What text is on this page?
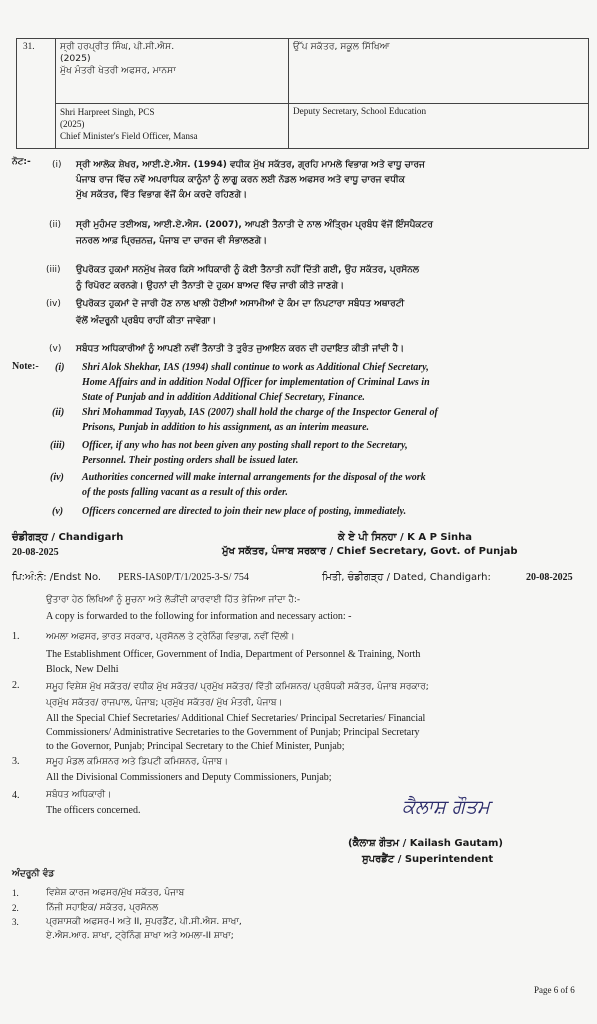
31.	ਸ੍ਰੀ ਹਰਪ੍ਰੀਤ ਸਿੰਘ, ਪੀ.ਸੀ.ਐਸ.
(2025)
ਮੁੱਖ ਮੰਤਰੀ ਖੇਤਰੀ ਅਫਸਰ, ਮਾਨਸਾ	ਉੱਪ ਸਕੱਤਰ, ਸਕੂਲ ਸਿੱਖਿਆ

	Shri Harpreet Singh, PCS
(2025)
Chief Minister's Field Officer, Mansa	Deputy Secretary, School Education
ਨੋਟ:- (i) ਸ੍ਰੀ ਆਲੋਕ ਸ਼ੇਖਰ, ਆਈ.ਏ.ਐਸ. (1994) ਵਧੀਕ ਮੁੱਖ ਸਕੱਤਰ, ਗ੍ਰਹਿ ਮਾਮਲੇ ਵਿਭਾਗ ਅਤੇ ਵਾਧੂ ਚਾਰਜ
ਪੰਜਾਬ ਰਾਜ ਵਿੱਚ ਨਵੇਂ ਅਪਰਾਧਿਕ ਕਾਨੂੰਨਾਂ ਨੂੰ ਲਾਗੂ ਕਰਨ ਲਈ ਨੋਡਲ ਅਫਸਰ ਅਤੇ ਵਾਧੂ ਚਾਰਜ ਵਧੀਕ
ਮੁੱਖ ਸਕੱਤਰ, ਵਿੱਤ ਵਿਭਾਗ ਵੱਜੋਂ ਕੰਮ ਕਰਦੇ ਰਹਿਣਗੇ।
(ii) ਸ੍ਰੀ ਮੁਹੰਮਦ ਤਈਅਬ, ਆਈ.ਏ.ਐਸ. (2007), ਆਪਣੀ ਤੈਨਾਤੀ ਦੇ ਨਾਲ ਅੰਤ੍ਰਿਮ ਪ੍ਰਬੰਧ ਵੱਜੋਂ ਇੰਸਪੈਕਟਰ
ਜਨਰਲ ਆਫ਼ ਪ੍ਰਿਜ਼ਨਜ਼, ਪੰਜਾਬ ਦਾ ਚਾਰਜ ਵੀ ਸੰਭਾਲਣਗੇ।
(iii) ਉਪਰੋਕਤ ਹੁਕਮਾਂ ਸਨਮੁੱਖ ਜੇਕਰ ਕਿਸੇ ਅਧਿਕਾਰੀ ਨੂੰ ਕੋਈ ਤੈਨਾਤੀ ਨਹੀਂ ਦਿੱਤੀ ਗਈ, ਉਹ ਸਕੱਤਰ, ਪ੍ਰਸੋਨਲ
ਨੂੰ ਰਿਪੋਰਟ ਕਰਨਗੇ। ਉਹਨਾਂ ਦੀ ਤੈਨਾਤੀ ਦੇ ਹੁਕਮ ਬਾਅਦ ਵਿੱਚ ਜਾਰੀ ਕੀਤੇ ਜਾਣਗੇ।
(iv) ਉਪਰੋਕਤ ਹੁਕਮਾਂ ਦੇ ਜਾਰੀ ਹੋਣ ਨਾਲ ਖਾਲੀ ਹੋਈਆਂ ਅਸਾਮੀਆਂ ਦੇ ਕੰਮ ਦਾ ਨਿਪਟਾਰਾ ਸਬੰਧਤ ਅਥਾਰਟੀ
ਵੱਲੋਂ ਅੰਦਰੂਨੀ ਪ੍ਰਬੰਧ ਰਾਹੀਂ ਕੀਤਾ ਜਾਵੇਗਾ।
(v) ਸਬੰਧਤ ਅਧਿਕਾਰੀਆਂ ਨੂੰ ਆਪਣੀ ਨਵੀਂ ਤੈਨਾਤੀ ਤੇ ਤੁਰੰਤ ਜੁਆਇਨ ਕਰਨ ਦੀ ਹਦਾਇਤ ਕੀਤੀ ਜਾਂਦੀ ਹੈ।
Note:- (i) Shri Alok Shekhar, IAS (1994) shall continue to work as Additional Chief Secretary,
Home Affairs and in addition Nodal Officer for implementation of Criminal Laws in
State of Punjab and in addition Additional Chief Secretary, Finance.
(ii) Shri Mohammad Tayyab, IAS (2007) shall hold the charge of the Inspector General of
Prisons, Punjab in addition to his assignment, as an interim measure.
(iii) Officer, if any who has not been given any posting shall report to the Secretary,
Personnel. Their posting orders shall be issued later.
(iv) Authorities concerned will make internal arrangements for the disposal of the work
of the posts falling vacant as a result of this order.
(v) Officers concerned are directed to join their new place of posting, immediately.
ਚੰਡੀਗੜ੍ਹ / Chandigarh
20-08-2025
ਕੇ ਏ ਪੀ ਸਿਨਹਾ / K A P Sinha
ਮੁੱਖ ਸਕੱਤਰ, ਪੰਜਾਬ ਸਰਕਾਰ / Chief Secretary, Govt. of Punjab
ਪਿ:ਅੰ:ਨੰ: /Endst No. PERS-IAS0P/T/1/2025-3-S/ 754	ਮਿਤੀ, ਚੰਡੀਗੜ੍ਹ / Dated, Chandigarh:	20-08-2025
ਉਤਾਰਾ ਹੇਠ ਲਿਖਿਆਂ ਨੂੰ ਸੂਚਨਾ ਅਤੇ ਲੋੜੀਂਦੀ ਕਾਰਵਾਈ ਹਿੱਤ ਭੇਜਿਆ ਜਾਂਦਾ ਹੈ:-
A copy is forwarded to the following for information and necessary action: -
1.	ਅਮਲਾ ਅਫਸਰ, ਭਾਰਤ ਸਰਕਾਰ, ਪ੍ਰਸੋਨਲ ਤੇ ਟ੍ਰੇਨਿੰਗ ਵਿਭਾਗ, ਨਵੀਂ ਦਿੱਲੀ।
The Establishment Officer, Government of India, Department of Personnel & Training, North
Block, New Delhi
2.	ਸਮੂਹ ਵਿਸ਼ੇਸ਼ ਮੁੱਖ ਸਕੱਤਰ/ ਵਧੀਕ ਮੁੱਖ ਸਕੱਤਰ/ ਪ੍ਰਮੁੱਖ ਸਕੱਤਰ/ ਵਿੱਤੀ ਕਮਿਸ਼ਨਰ/ ਪ੍ਰਬੰਧਕੀ ਸਕੱਤਰ, ਪੰਜਾਬ ਸਰਕਾਰ;
ਪ੍ਰਮੁੱਖ ਸਕੱਤਰ/ ਰਾਜਪਾਲ, ਪੰਜਾਬ; ਪ੍ਰਮੁੱਖ ਸਕੱਤਰ/ ਮੁੱਖ ਮੰਤਰੀ, ਪੰਜਾਬ।
All the Special Chief Secretaries/ Additional Chief Secretaries/ Principal Secretaries/ Financial
Commissioners/ Administrative Secretaries to the Government of Punjab; Principal Secretary
to the Governor, Punjab; Principal Secretary to the Chief Minister, Punjab;
3.	ਸਮੂਹ ਮੰਡਲ ਕਮਿਸ਼ਨਰ ਅਤੇ ਡਿਪਟੀ ਕਮਿਸ਼ਨਰ, ਪੰਜਾਬ।
All the Divisional Commissioners and Deputy Commissioners, Punjab;
4.	ਸਬੰਧਤ ਅਧਿਕਾਰੀ।
The officers concerned.	ਕੈਲਾਸ਼ ਗੌਤਮ
(ਕੈਲਾਸ਼ ਗੌਤਮ / Kailash Gautam)
ਸੁਪਰਡੈਂਟ / Superintendent
ਅੰਦਰੂਨੀ ਵੰਡ
1.	ਵਿਸ਼ੇਸ਼ ਕਾਰਜ ਅਫਸਰ/ਮੁੱਖ ਸਕੱਤਰ, ਪੰਜਾਬ
2.	ਨਿੱਜੀ ਸਹਾਇਕ/ ਸਕੱਤਰ, ਪ੍ਰਸੋਨਲ
3.	ਪ੍ਰਸ਼ਾਸਕੀ ਅਫਸਰ-I ਅਤੇ II, ਸੁਪਰਡੈਂਟ, ਪੀ.ਸੀ.ਐਸ. ਸ਼ਾਖਾ,
ਏ.ਐਸ.ਆਰ. ਸ਼ਾਖਾ, ਟ੍ਰੇਨਿੰਗ ਸ਼ਾਖਾ ਅਤੇ ਅਮਲਾ-II ਸ਼ਾਖਾ;
Page 6 of 6
